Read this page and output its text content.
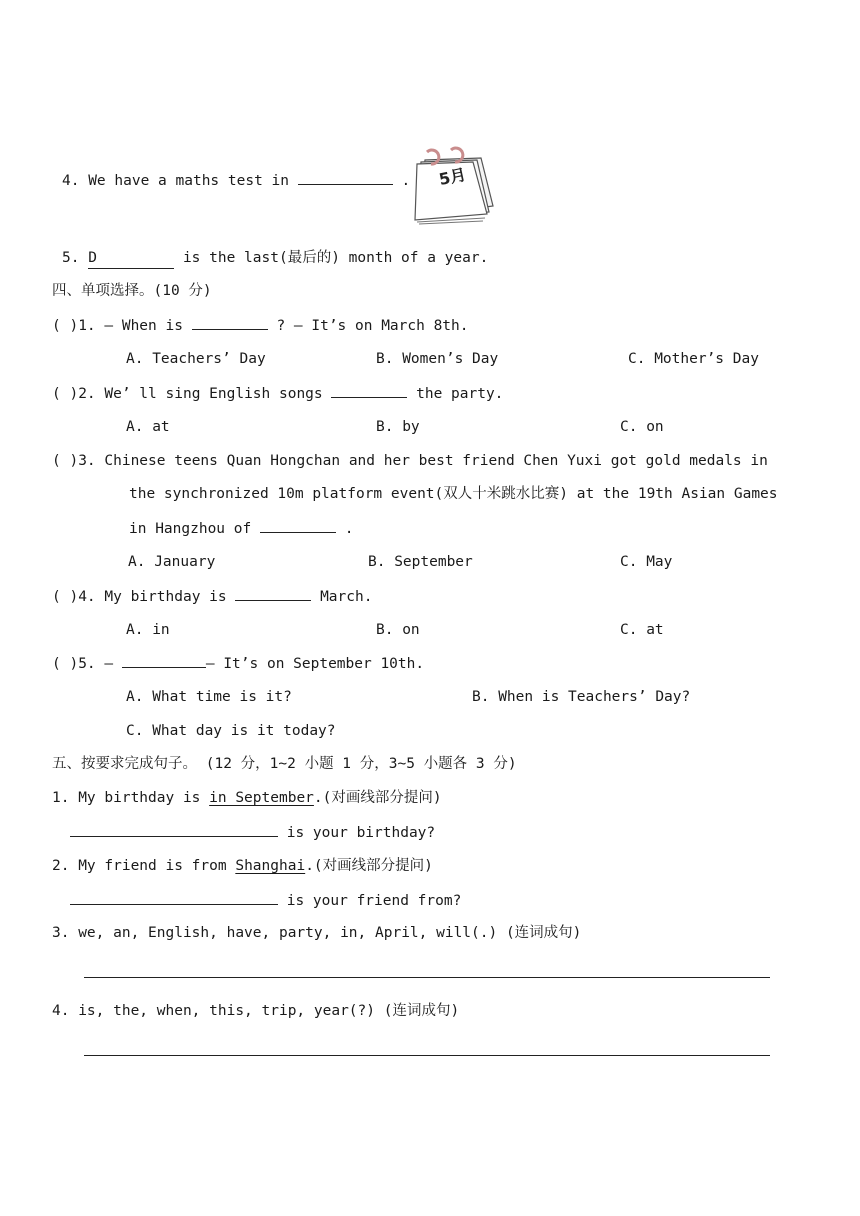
4. We have a maths test in	. 5月
5. D	is the last(最后的) month of a year.
四、单项选择。(10 分)
( )1. — When is	? — It’s on March 8th.
A. Teachers’ Day	B. Women’s Day	C. Mother’s Day
( )2. We’ ll sing English songs	the party.
A. at	B. by	C. on
( )3. Chinese teens Quan Hongchan and her best friend Chen Yuxi got gold medals in
the synchronized 10m platform event(双人十米跳水比赛) at the 19th Asian Games
in Hangzhou of	.
A. January	B. September	C. May
( )4. My birthday is	March.
A. in	B. on	C. at
( )5. —	— It’s on September 10th.
A. What time is it?	B. When is Teachers’ Day?
C. What day is it today?
五、按要求完成句子。 (12 分，1~2 小题 1 分，3~5 小题各 3 分)
1. My birthday is in September.(对画线部分提问)
is your birthday?
2. My friend is from Shanghai.(对画线部分提问)
is your friend from?
3. we, an, English, have, party, in, April, will(.) (连词成句)
4. is, the, when, this, trip, year(?) (连词成句)
